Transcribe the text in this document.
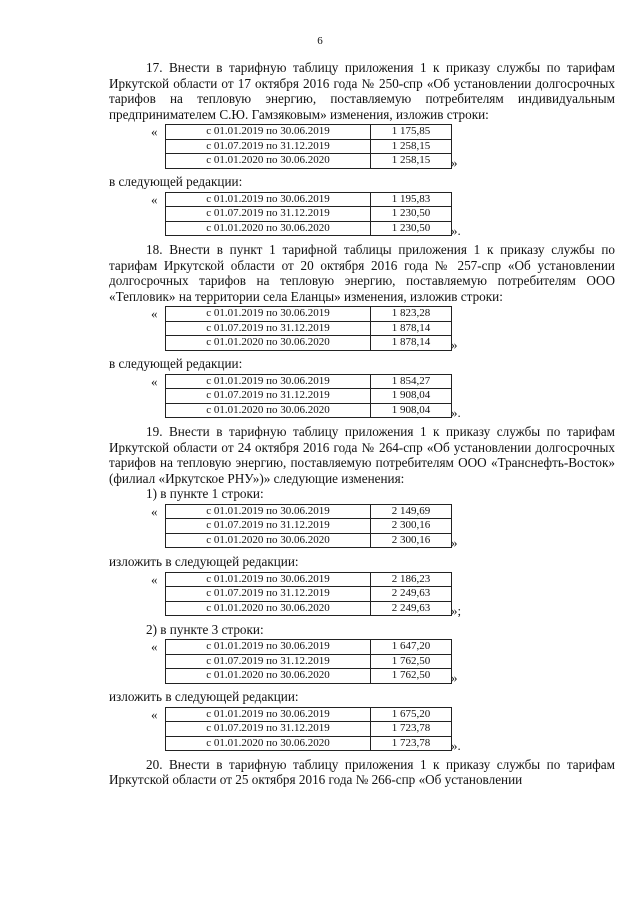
6

17. Внести в тарифную таблицу приложения 1 к приказу службы по тарифам Иркутской области от 17 октября 2016 года № 250-спр «Об установлении долгосрочных тарифов на тепловую энергию, поставляемую потребителям индивидуальным предпринимателем С.Ю. Гамзяковым» изменения, изложив строки:

«	с 01.01.2019 по 30.06.2019	1 175,85
с 01.07.2019 по 31.12.2019	1 258,15
с 01.01.2020 по 30.06.2020	1 258,15 »

в следующей редакции:

«	с 01.01.2019 по 30.06.2019	1 195,83
с 01.07.2019 по 31.12.2019	1 230,50
с 01.01.2020 по 30.06.2020	1 230,50 ».

18. Внести в пункт 1 тарифной таблицы приложения 1 к приказу службы по тарифам Иркутской области от 20 октября 2016 года № 257-спр «Об установлении долгосрочных тарифов на тепловую энергию, поставляемую потребителям ООО «Тепловик» на территории села Еланцы» изменения, изложив строки:

«	с 01.01.2019 по 30.06.2019	1 823,28
с 01.07.2019 по 31.12.2019	1 878,14
с 01.01.2020 по 30.06.2020	1 878,14 »

в следующей редакции:

«	с 01.01.2019 по 30.06.2019	1 854,27
с 01.07.2019 по 31.12.2019	1 908,04
с 01.01.2020 по 30.06.2020	1 908,04 ».

19. Внести в тарифную таблицу приложения 1 к приказу службы по тарифам Иркутской области от 24 октября 2016 года № 264-спр «Об установлении долгосрочных тарифов на тепловую энергию, поставляемую потребителям ООО «Транснефть-Восток» (филиал «Иркутское РНУ»)» следующие изменения:

1) в пункте 1 строки:

«	с 01.01.2019 по 30.06.2019	2 149,69
с 01.07.2019 по 31.12.2019	2 300,16
с 01.01.2020 по 30.06.2020	2 300,16 »

изложить в следующей редакции:

«	с 01.01.2019 по 30.06.2019	2 186,23
с 01.07.2019 по 31.12.2019	2 249,63
с 01.01.2020 по 30.06.2020	2 249,63 »;

2) в пункте 3 строки:

«	с 01.01.2019 по 30.06.2019	1 647,20
с 01.07.2019 по 31.12.2019	1 762,50
с 01.01.2020 по 30.06.2020	1 762,50 »

изложить в следующей редакции:

«	с 01.01.2019 по 30.06.2019	1 675,20
с 01.07.2019 по 31.12.2019	1 723,78
с 01.01.2020 по 30.06.2020	1 723,78 ».

20. Внести в тарифную таблицу приложения 1 к приказу службы по тарифам Иркутской области от 25 октября 2016 года № 266-спр «Об установлении
